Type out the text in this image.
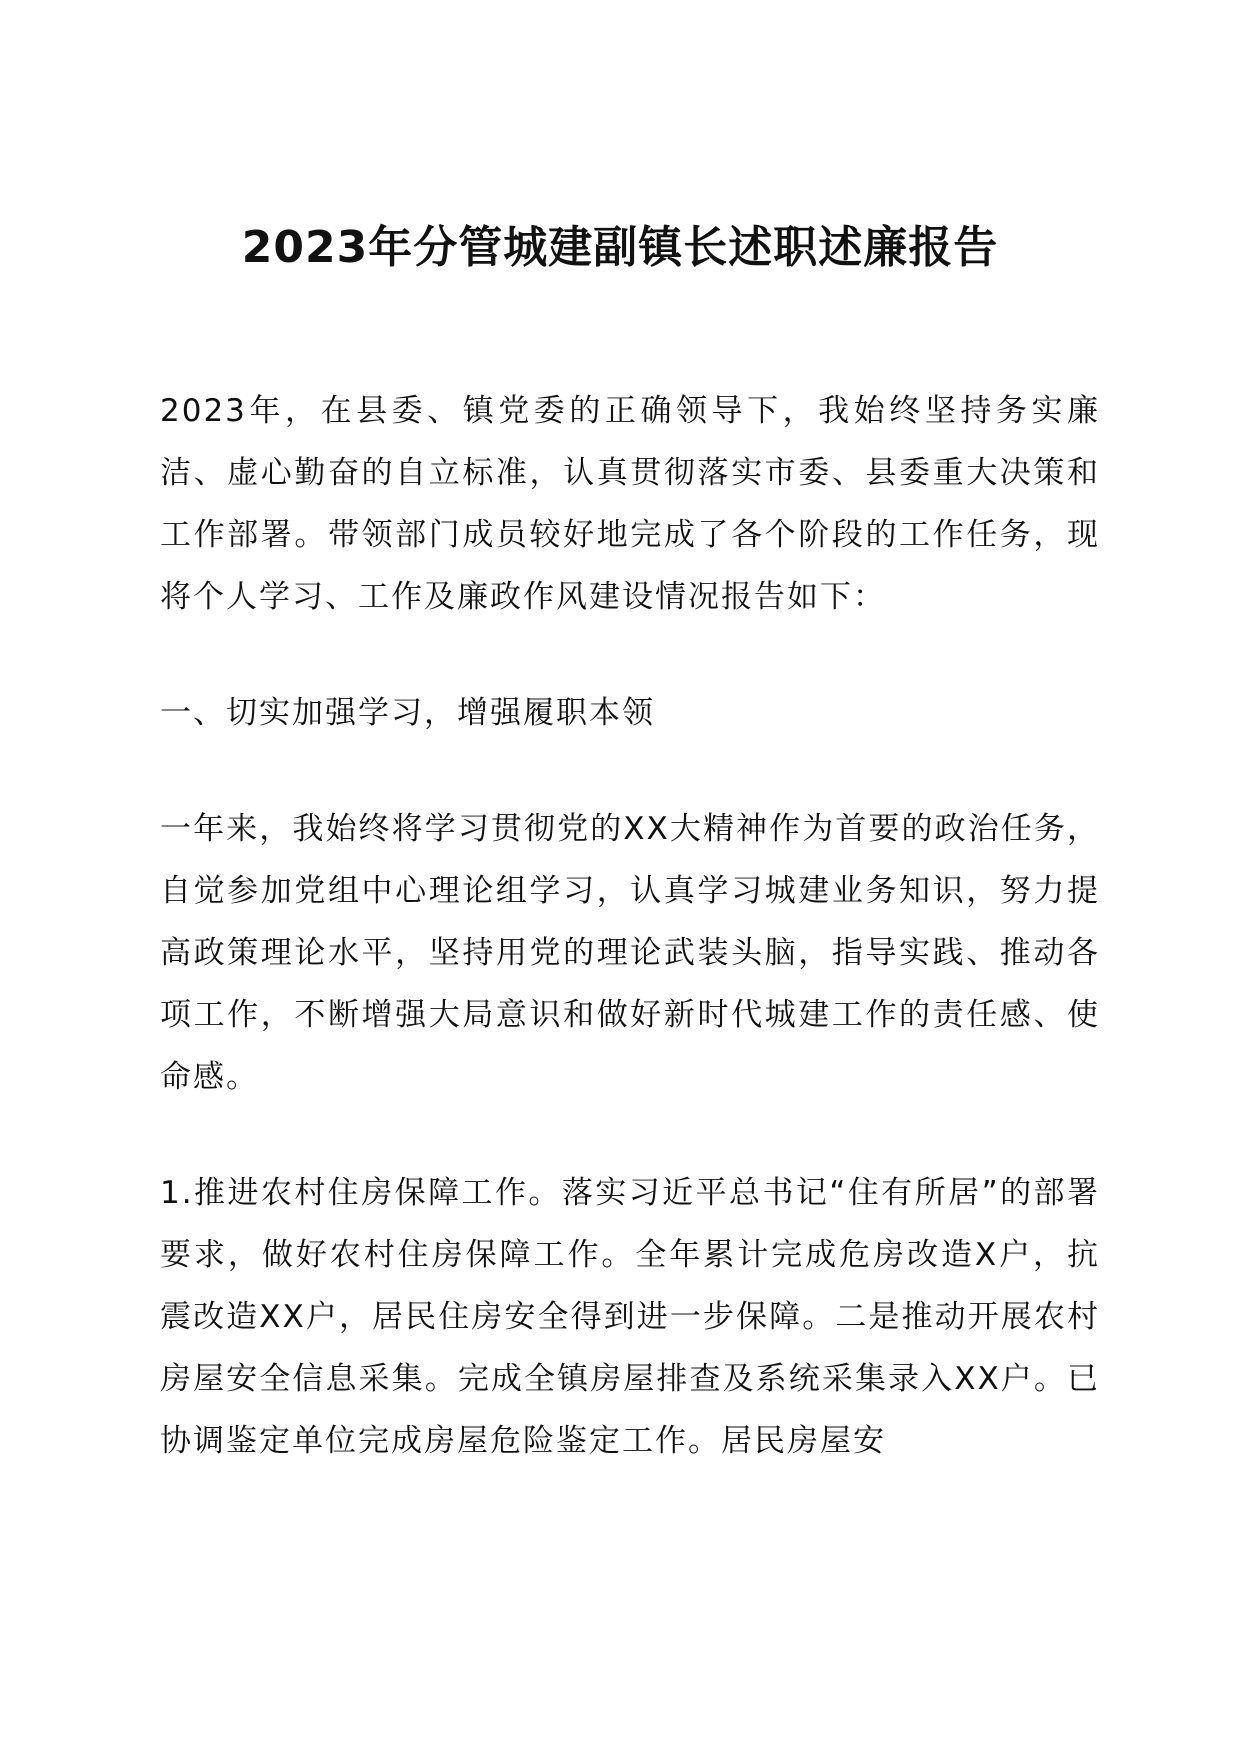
2023年分管城建副镇长述职述廉报告

2023年，在县委、镇党委的正确领导下，我始终坚持务实廉洁、虚心勤奋的自立标准，认真贯彻落实市委、县委重大决策和工作部署。带领部门成员较好地完成了各个阶段的工作任务，现将个人学习、工作及廉政作风建设情况报告如下：

一、切实加强学习，增强履职本领

一年来，我始终将学习贯彻党的XX大精神作为首要的政治任务，自觉参加党组中心理论组学习，认真学习城建业务知识，努力提高政策理论水平，坚持用党的理论武装头脑，指导实践、推动各项工作，不断增强大局意识和做好新时代城建工作的责任感、使命感。

1.推进农村住房保障工作。落实习近平总书记“住有所居”的部署要求，做好农村住房保障工作。全年累计完成危房改造X户，抗震改造XX户，居民住房安全得到进一步保障。二是推动开展农村房屋安全信息采集。完成全镇房屋排查及系统采集录入XX户。已协调鉴定单位完成房屋危险鉴定工作。居民房屋安
